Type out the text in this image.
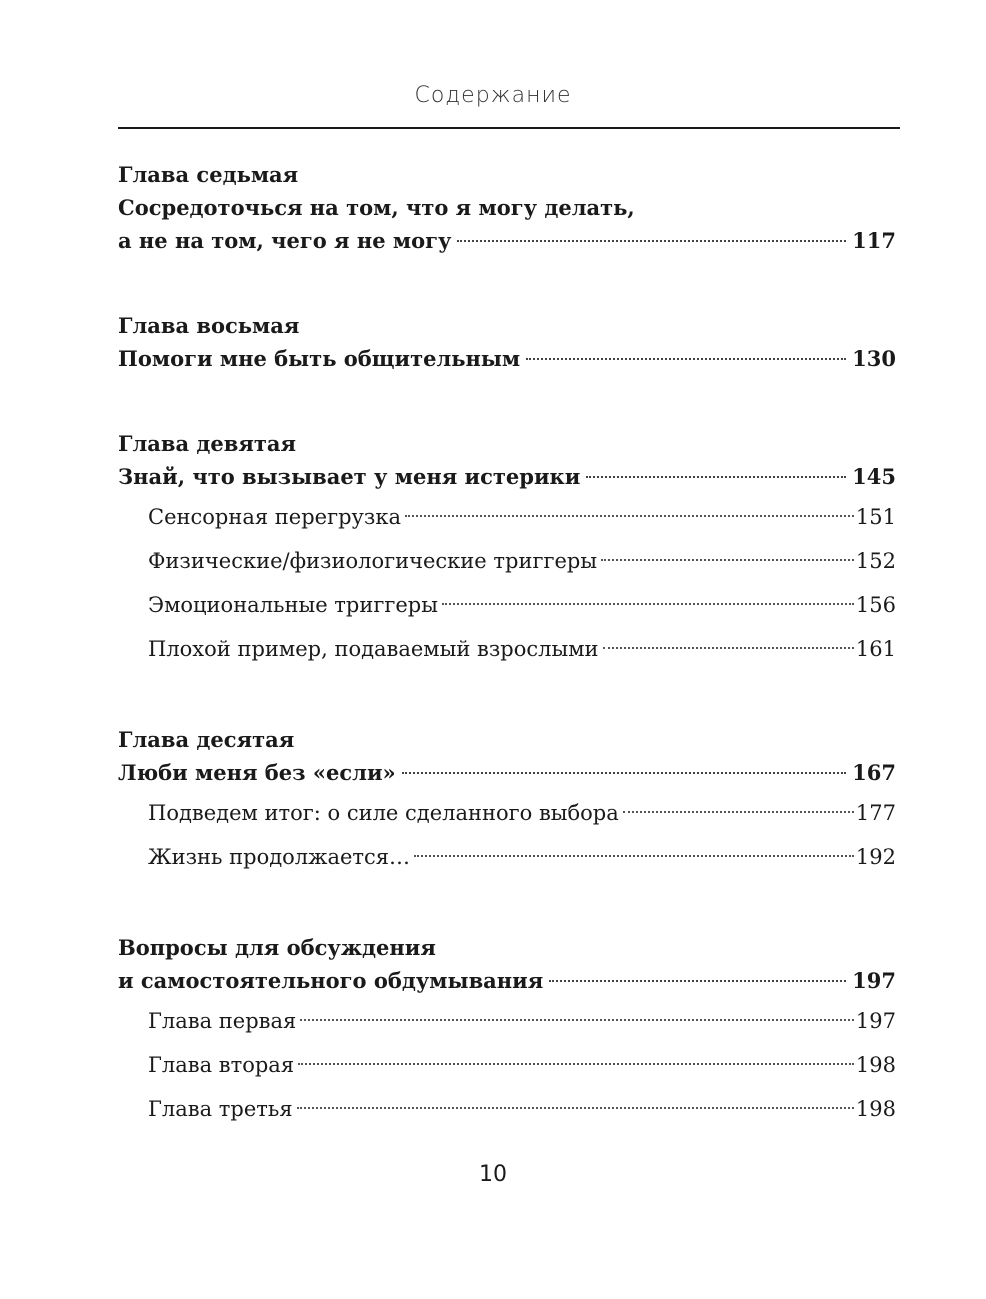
Содержание
Глава седьмая
Сосредоточься на том, что я могу делать,
а не на том, чего я не могу	117
Глава восьмая
Помоги мне быть общительным	130
Глава девятая
Знай, что вызывает у меня истерики	145
Сенсорная перегрузка	151
Физические/физиологические триггеры	152
Эмоциональные триггеры	156
Плохой пример, подаваемый взрослыми	161
Глава десятая
Люби меня без «если»	167
Подведем итог: о силе сделанного выбора	177
Жизнь продолжается…	192
Вопросы для обсуждения
и самостоятельного обдумывания	197
Глава первая	197
Глава вторая	198
Глава третья	198
10
